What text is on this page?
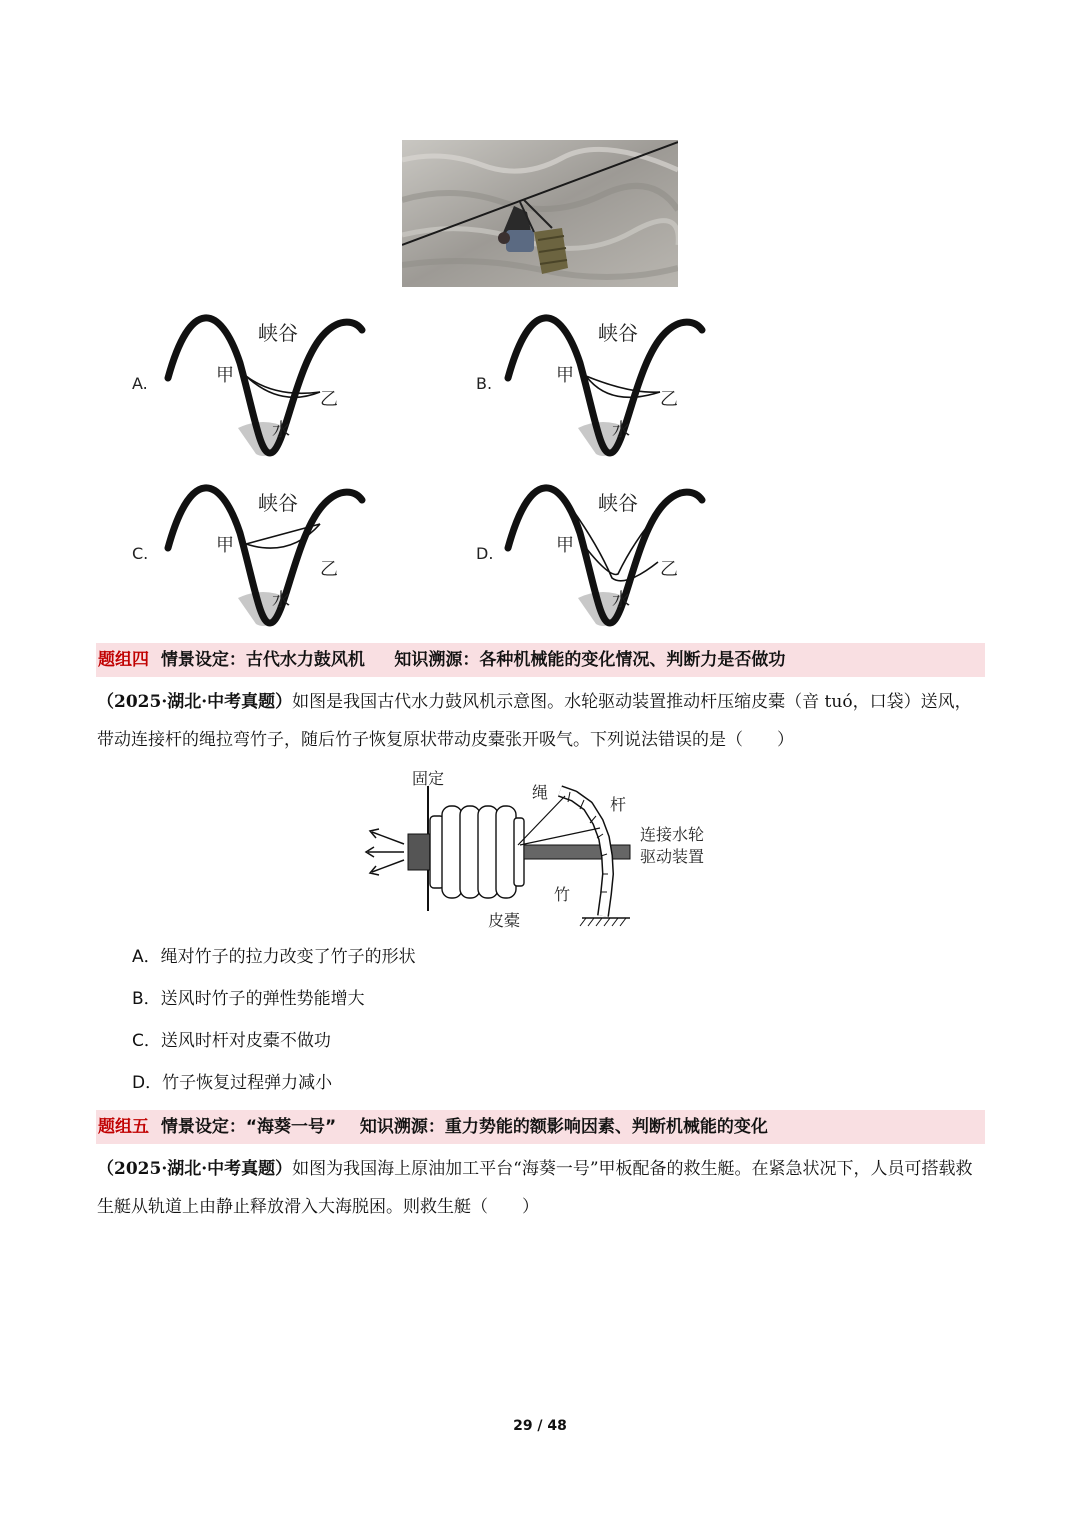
A.
峡谷
甲
乙
水
B.
峡谷
甲
乙
水
C.
峡谷
甲
乙
水
D.
峡谷
甲
乙
水
题组四  情景设定：古代水力鼓风机     知识溯源：各种机械能的变化情况、判断力是否做功
（2025·湖北·中考真题）如图是我国古代水力鼓风机示意图。水轮驱动装置推动杆压缩皮橐（音 tuó，口袋）送风，带动连接杆的绳拉弯竹子，随后竹子恢复原状带动皮橐张开吸气。下列说法错误的是（　　）
固定
绳
杆
连接水轮
驱动装置
竹
皮橐
A．绳对竹子的拉力改变了竹子的形状
B．送风时竹子的弹性势能增大
C．送风时杆对皮橐不做功
D．竹子恢复过程弹力减小
题组五  情景设定：“海葵一号”    知识溯源：重力势能的额影响因素、判断机械能的变化
（2025·湖北·中考真题）如图为我国海上原油加工平台“海葵一号”甲板配备的救生艇。在紧急状况下，人员可搭载救生艇从轨道上由静止释放滑入大海脱困。则救生艇（　　）
29 / 48
